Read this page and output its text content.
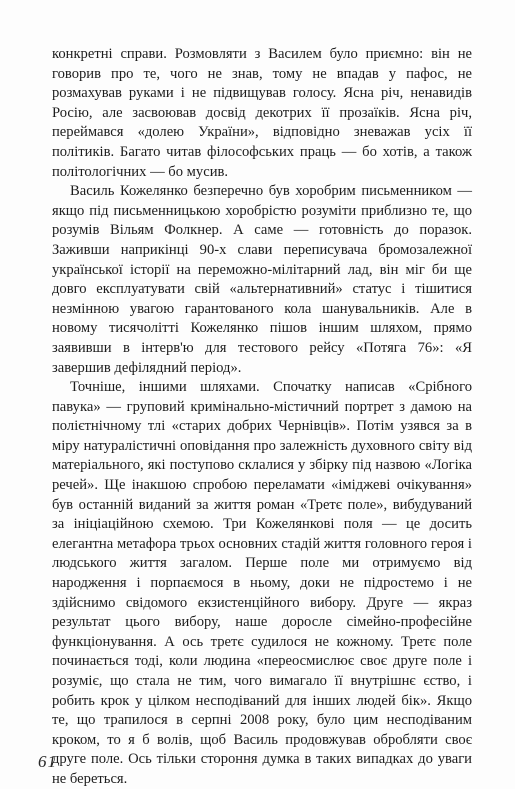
конкретні справи. Розмовляти з Василем було приємно: він не говорив про те, чого не знав, тому не впадав у пафос, не розмахував руками і не підвищував голосу. Ясна річ, ненавидів Росію, але засвоював досвід декотрих її прозаїків. Ясна річ, переймався «долею України», відповідно зневажав усіх її політиків. Багато читав філософських праць — бо хотів, а також політологічних — бо мусив.

Василь Кожелянко безперечно був хоробрим письменником — якщо під письменницькою хоробрістю розуміти приблизно те, що розумів Вільям Фолкнер. А саме — готовність до поразок. Заживши наприкінці 90-х слави переписувача бромозалежної української історії на переможно-мілітарний лад, він міг би ще довго експлуатувати свій «альтернативний» статус і тішитися незмінною увагою гарантованого кола шанувальників. Але в новому тисячолітті Кожелянко пішов іншим шляхом, прямо заявивши в інтерв'ю для тестового рейсу «Потяга 76»: «Я завершив дефілядний період».

Точніше, іншими шляхами. Спочатку написав «Срібного павука» — груповий кримінально-містичний портрет з дамою на полієтнічному тлі «старих добрих Чернівців». Потім узявся за в міру натуралістичні оповідання про залежність духовного світу від матеріального, які поступово склалися у збірку під назвою «Логіка речей». Ще інакшою спробою переламати «іміджеві очікування» був останній виданий за життя роман «Третє поле», вибудуваний за ініціаційною схемою. Три Кожелянкові поля — це досить елегантна метафора трьох основних стадій життя головного героя і людського життя загалом. Перше поле ми отримуємо від народження і порпаємося в ньому, доки не підростемо і не здійснимо свідомого екзистенційного вибору. Друге — якраз результат цього вибору, наше доросле сімейно-професійне функціонування. А ось третє судилося не кожному. Третє поле починається тоді, коли людина «переосмислює своє друге поле і розуміє, що стала не тим, чого вимагало її внутрішнє єство, і робить крок у цілком несподіваний для інших людей бік». Якщо те, що трапилося в серпні 2008 року, було цим несподіваним кроком, то я б волів, щоб Василь продовжував обробляти своє друге поле. Ось тільки стороння думка в таких випадках до уваги не береться.

61
